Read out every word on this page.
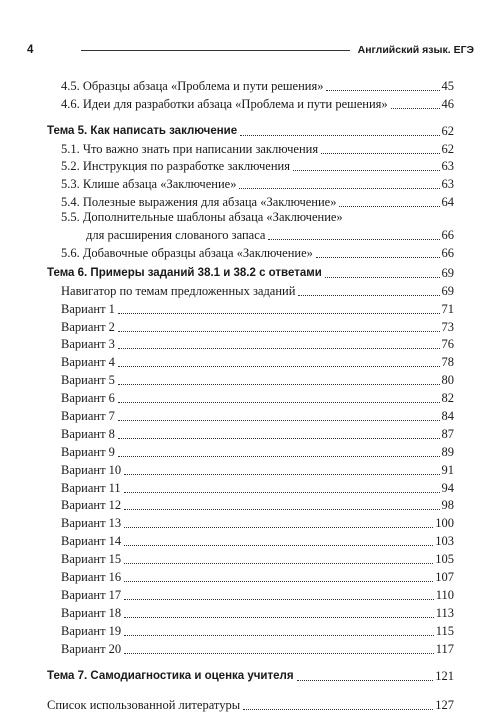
4	Английский язык. ЕГЭ
4.5. Образцы абзаца «Проблема и пути решения»	45
4.6. Идеи для разработки абзаца «Проблема и пути решения»	46
Тема 5. Как написать заключение	62
5.1. Что важно знать при написании заключения	62
5.2. Инструкция по разработке заключения	63
5.3. Клише абзаца «Заключение»	63
5.4. Полезные выражения для абзаца «Заключение»	64
5.5. Дополнительные шаблоны абзаца «Заключение»
для расширения слованого запаса	66
5.6. Добавочные образцы абзаца «Заключение»	66
Тема 6. Примеры заданий 38.1 и 38.2 с ответами	69
Навигатор по темам предложенных заданий	69
Вариант 1	71
Вариант 2	73
Вариант 3	76
Вариант 4	78
Вариант 5	80
Вариант 6	82
Вариант 7	84
Вариант 8	87
Вариант 9	89
Вариант 10	91
Вариант 11	94
Вариант 12	98
Вариант 13	100
Вариант 14	103
Вариант 15	105
Вариант 16	107
Вариант 17	110
Вариант 18	113
Вариант 19	115
Вариант 20	117
Тема 7. Самодиагностика и оценка учителя	121
Список использованной литературы	127
